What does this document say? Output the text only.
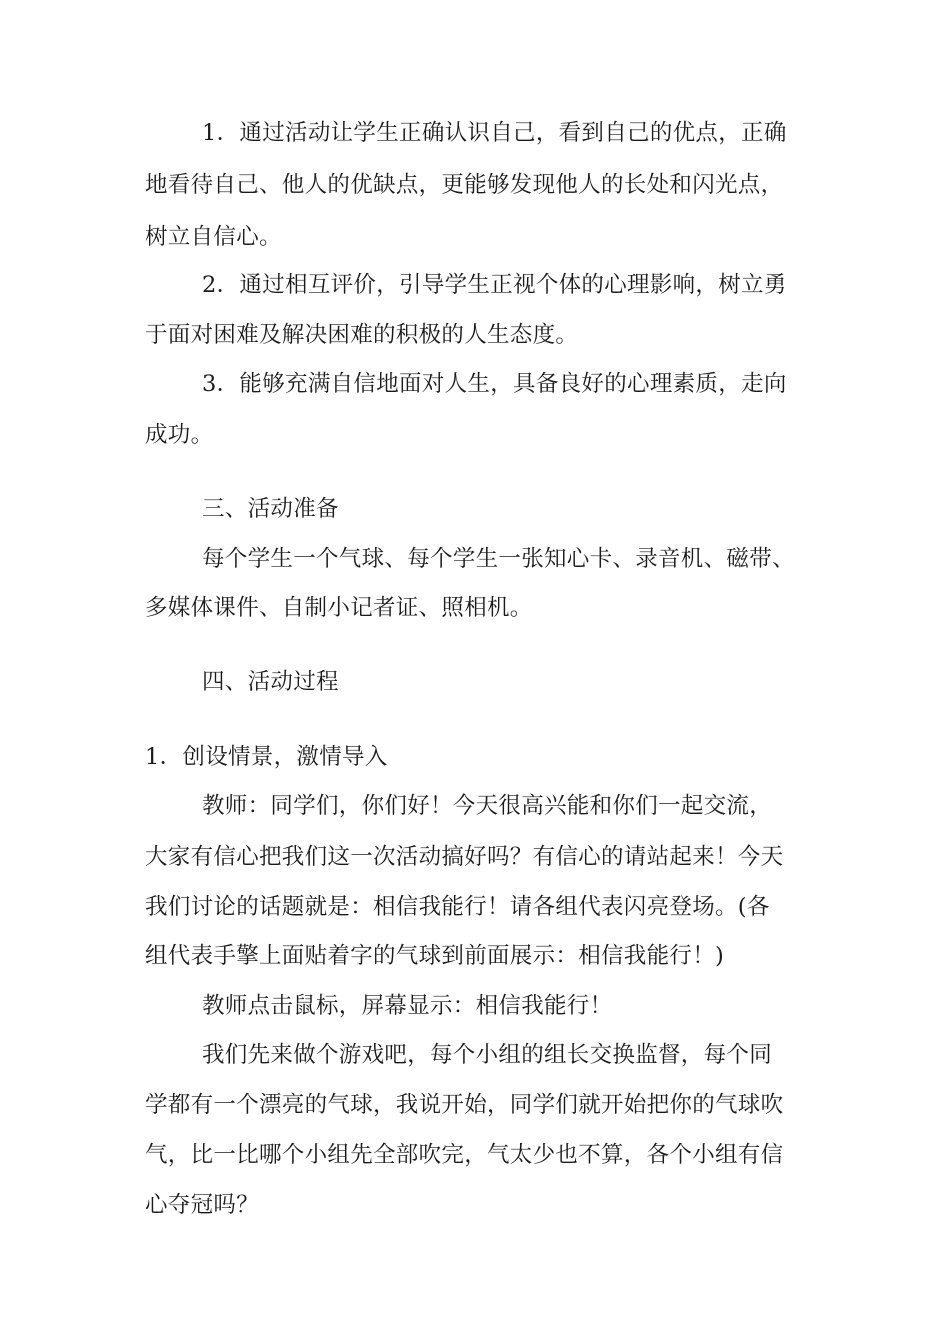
1．通过活动让学生正确认识自己，看到自己的优点，正确
地看待自己、他人的优缺点，更能够发现他人的长处和闪光点，
树立自信心。
2．通过相互评价，引导学生正视个体的心理影响，树立勇
于面对困难及解决困难的积极的人生态度。
3．能够充满自信地面对人生，具备良好的心理素质，走向
成功。
三、活动准备
每个学生一个气球、每个学生一张知心卡、录音机、磁带、
多媒体课件、自制小记者证、照相机。
四、活动过程
1．创设情景，激情导入
教师：同学们，你们好！今天很高兴能和你们一起交流，
大家有信心把我们这一次活动搞好吗？有信心的请站起来！今天
我们讨论的话题就是：相信我能行！请各组代表闪亮登场。(各
组代表手擎上面贴着字的气球到前面展示：相信我能行！)
教师点击鼠标，屏幕显示：相信我能行！
我们先来做个游戏吧，每个小组的组长交换监督，每个同
学都有一个漂亮的气球，我说开始，同学们就开始把你的气球吹
气，比一比哪个小组先全部吹完，气太少也不算，各个小组有信
心夺冠吗？
